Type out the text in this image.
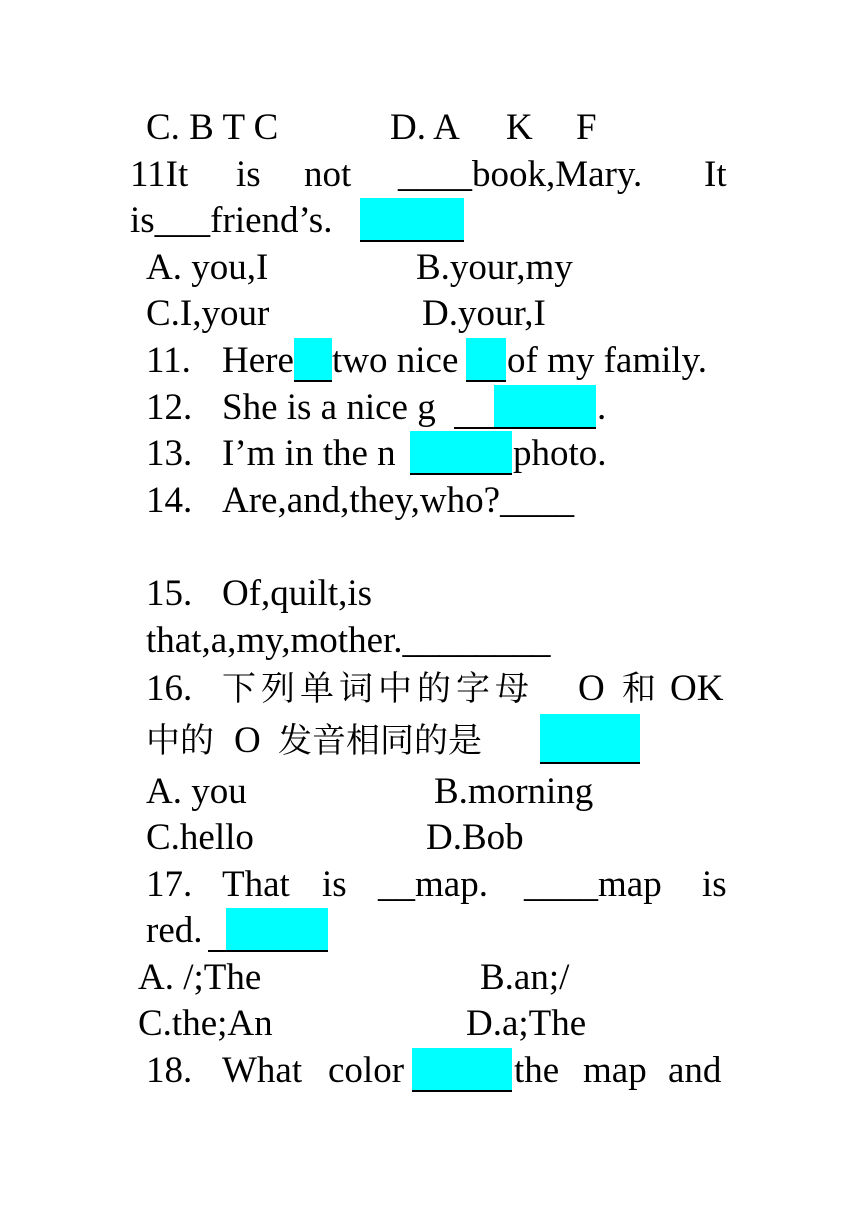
C. B T C	D. A K F
11It is not ____book,Mary. It
is___friend’s.
A. you,I	B.your,my
C.I,your	D.your,I
11. Here two nice of my family.
12. She is a nice g	.
13. I’m in the n	photo.
14. Are,and,they,who?____
15. Of,quilt,is
that,a,my,mother.________
16. 下列单词中的字母 O 和 OK
中的 O 发音相同的是
A. you	B.morning
C.hello	D.Bob
17. That is __map. ____map is
red.
A. /;The	B.an;/
C.the;An	D.a;The
18. What color	the map and
